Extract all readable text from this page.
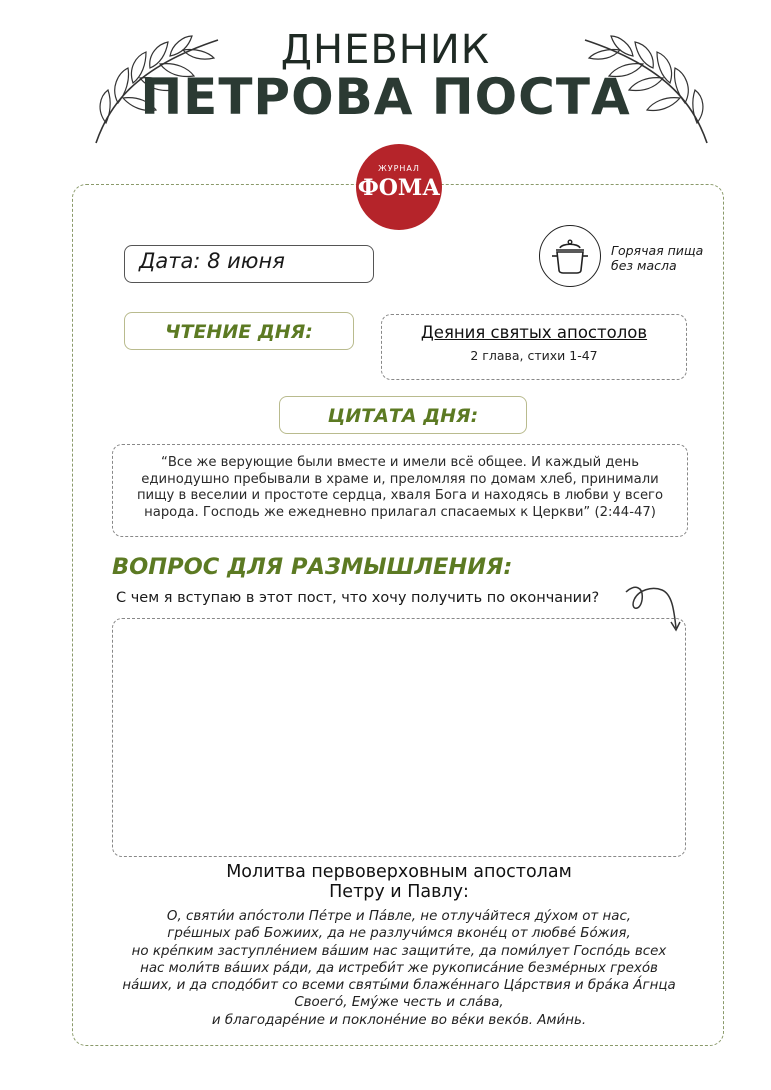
ДНЕВНИК
ПЕТРОВА ПОСТА
ЖУРНАЛ
ФОМА
Дата: 8 июня	Горячая пища
без масла
ЧТЕНИЕ ДНЯ:	Деяния святых апостолов
2 глава, стихи 1-47
ЦИТАТА ДНЯ:
“Все же верующие были вместе и имели всё общее. И каждый день
единодушно пребывали в храме и, преломляя по домам хлеб, принимали
пищу в веселии и простоте сердца, хваля Бога и находясь в любви у всего
народа. Господь же ежедневно прилагал спасаемых к Церкви” (2:44-47)
ВОПРОС ДЛЯ РАЗМЫШЛЕНИЯ:
С чем я вступаю в этот пост, что хочу получить по окончании?
Молитва первоверховным апостолам
Петру и Павлу:
О, святи́и апо́столи Пе́тре и Па́вле, не отлуча́йтеся ду́хом от нас,
гре́шных раб Божиих, да не разлучи́мся вконе́ц от любве́ Бо́жия,
но кре́пким заступле́нием ва́шим нас защити́те, да поми́лует Госпо́дь всех
нас моли́тв ва́ших ра́ди, да истреби́т же рукописа́ние безме́рных грехо́в
на́ших, и да сподо́бит со всеми святы́ми блаже́ннаго Ца́рствия и бра́ка А́гнца
Своего́, Ему́же честь и сла́ва,
и благодаре́ние и поклоне́ние во ве́ки веко́в. Ами́нь.
